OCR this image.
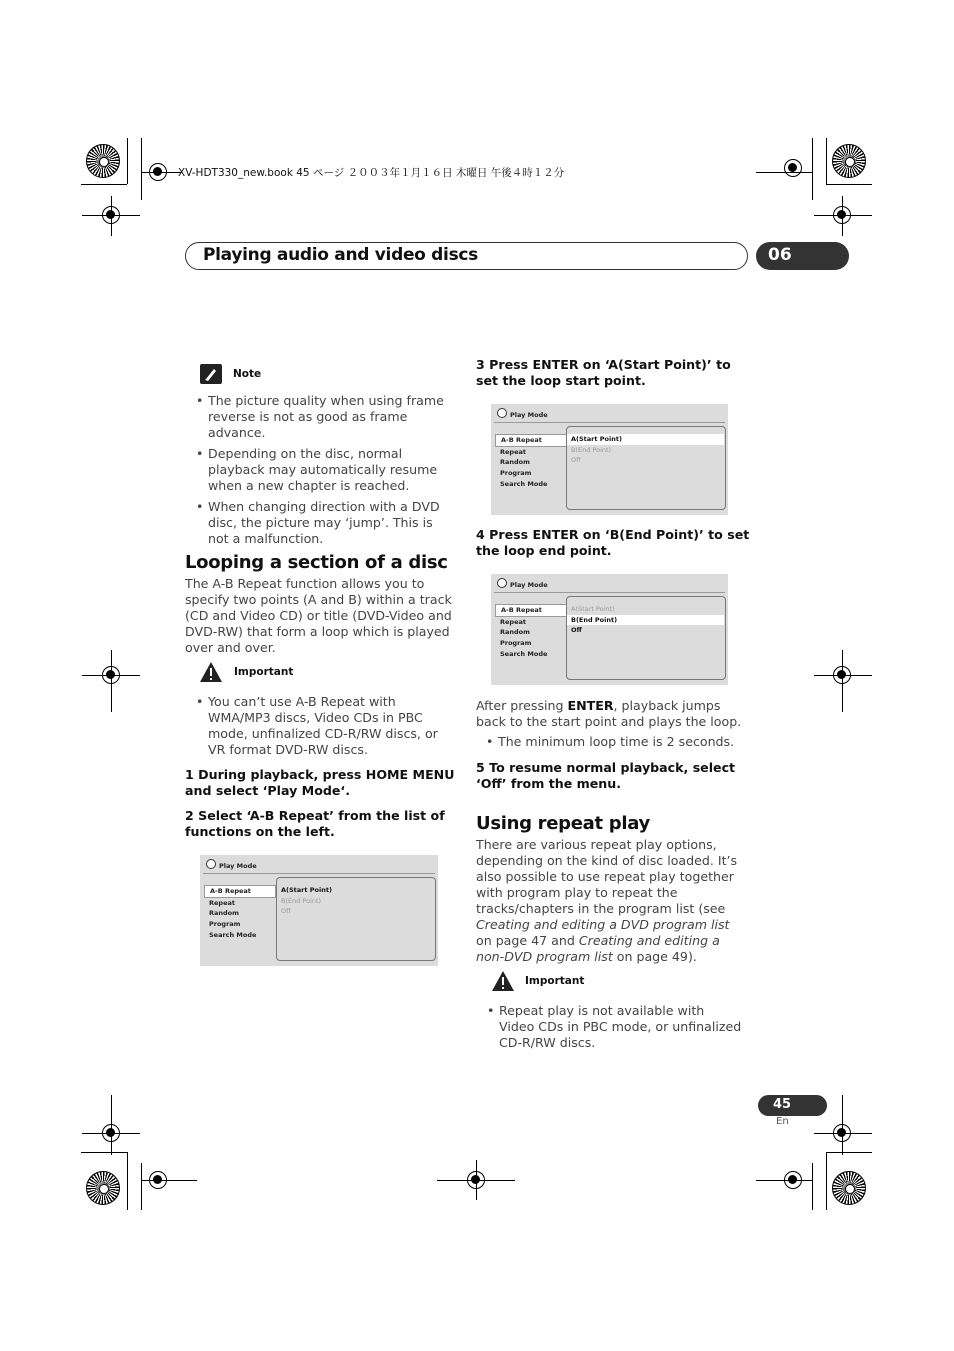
XV-HDT330_new.book 45 ページ ２００３年１月１６日 木曜日 午後４時１２分
Playing audio and video discs	06
Note
• The picture quality when using frame reverse is not as good as frame advance.
• Depending on the disc, normal playback may automatically resume when a new chapter is reached.
• When changing direction with a DVD disc, the picture may ‘jump’. This is not a malfunction.
Looping a section of a disc
The A-B Repeat function allows you to specify two points (A and B) within a track (CD and Video CD) or title (DVD-Video and DVD-RW) that form a loop which is played over and over.
Important
• You can’t use A-B Repeat with WMA/MP3 discs, Video CDs in PBC mode, unfinalized CD-R/RW discs, or VR format DVD-RW discs.
1 During playback, press HOME MENU and select ‘Play Mode‘.
2 Select ‘A-B Repeat’ from the list of functions on the left.
Play Mode
A-B Repeat
Repeat
Random
Program
Search Mode
A(Start Point)
B(End Point)
Off
3 Press ENTER on ‘A(Start Point)’ to set the loop start point.
Play Mode
A-B Repeat
Repeat
Random
Program
Search Mode
A(Start Point)
B(End Point)
Off
4 Press ENTER on ‘B(End Point)’ to set the loop end point.
Play Mode
A-B Repeat
Repeat
Random
Program
Search Mode
A(Start Point)
B(End Point)
Off
After pressing ENTER, playback jumps back to the start point and plays the loop.
• The minimum loop time is 2 seconds.
5 To resume normal playback, select ‘Off’ from the menu.
Using repeat play
There are various repeat play options, depending on the kind of disc loaded. It’s also possible to use repeat play together with program play to repeat the tracks/chapters in the program list (see Creating and editing a DVD program list on page 47 and Creating and editing a non-DVD program list on page 49).
Important
• Repeat play is not available with Video CDs in PBC mode, or unfinalized CD-R/RW discs.
45
En
